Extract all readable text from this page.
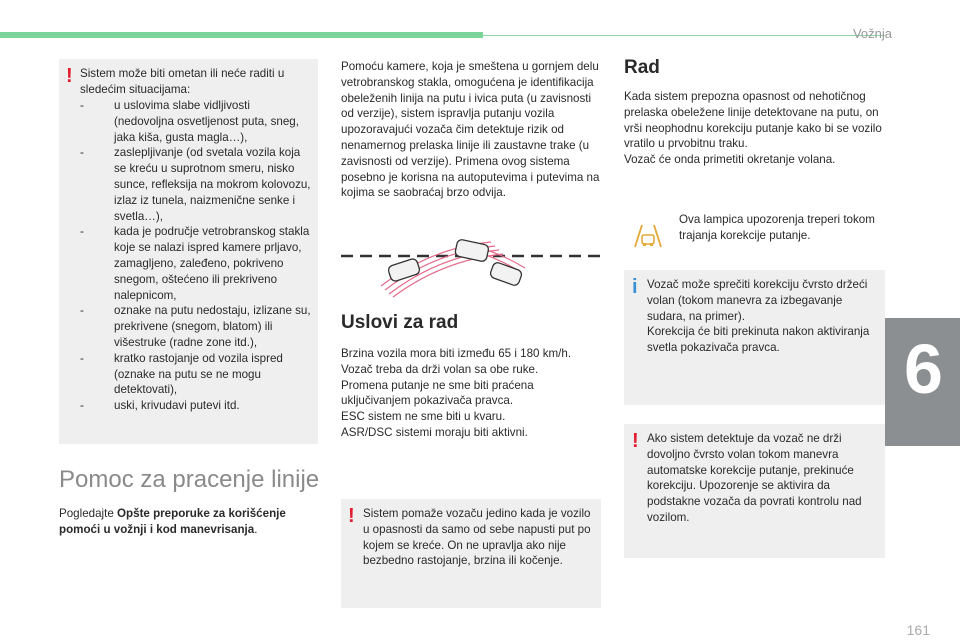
Vožnja
6
161
! Sistem može biti ometan ili neće raditi u sledećim situacijama:
- u uslovima slabe vidljivosti (nedovoljna osvetljenost puta, sneg, jaka kiša, gusta magla…),
- zaslepljivanje (od svetala vozila koja se kreću u suprotnom smeru, nisko sunce, refleksija na mokrom kolovozu, izlaz iz tunela, naizmenične senke i svetla…),
- kada je područje vetrobranskog stakla koje se nalazi ispred kamere prljavo, zamagljeno, zaleđeno, pokriveno snegom, oštećeno ili prekriveno nalepnicom,
- oznake na putu nedostaju, izlizane su, prekrivene (snegom, blatom) ili višestruke (radne zone itd.),
- kratko rastojanje od vozila ispred (oznake na putu se ne mogu detektovati),
- uski, krivudavi putevi itd.
Pomoc za pracenje linije
Pogledajte Opšte preporuke za korišćenje pomoći u vožnji i kod manevrisanja.
Pomoću kamere, koja je smeštena u gornjem delu vetrobranskog stakla, omogućena je identifikacija obeleženih linija na putu i ivica puta (u zavisnosti od verzije), sistem ispravlja putanju vozila upozoravajući vozača čim detektuje rizik od nenamernog prelaska linije ili zaustavne trake (u zavisnosti od verzije). Primena ovog sistema posebno je korisna na autoputevima i putevima na kojima se saobraćaj brzo odvija.
Uslovi za rad
Brzina vozila mora biti između 65 i 180 km/h.
Vozač treba da drži volan sa obe ruke.
Promena putanje ne sme biti praćena uključivanjem pokazivača pravca.
ESC sistem ne sme biti u kvaru.
ASR/DSC sistemi moraju biti aktivni.
! Sistem pomaže vozaču jedino kada je vozilo u opasnosti da samo od sebe napusti put po kojem se kreće. On ne upravlja ako nije bezbedno rastojanje, brzina ili kočenje.
Rad
Kada sistem prepozna opasnost od nehotičnog prelaska obeležene linije detektovane na putu, on vrši neophodnu korekciju putanje kako bi se vozilo vratilo u prvobitnu traku.
Vozač će onda primetiti okretanje volana.
Ova lampica upozorenja treperi tokom trajanja korekcije putanje.
i Vozač može sprečiti korekciju čvrsto držeći volan (tokom manevra za izbegavanje sudara, na primer).
Korekcija će biti prekinuta nakon aktiviranja svetla pokazivača pravca.
! Ako sistem detektuje da vozač ne drži dovoljno čvrsto volan tokom manevra automatske korekcije putanje, prekinuće korekciju. Upozorenje se aktivira da podstakne vozača da povrati kontrolu nad vozilom.
